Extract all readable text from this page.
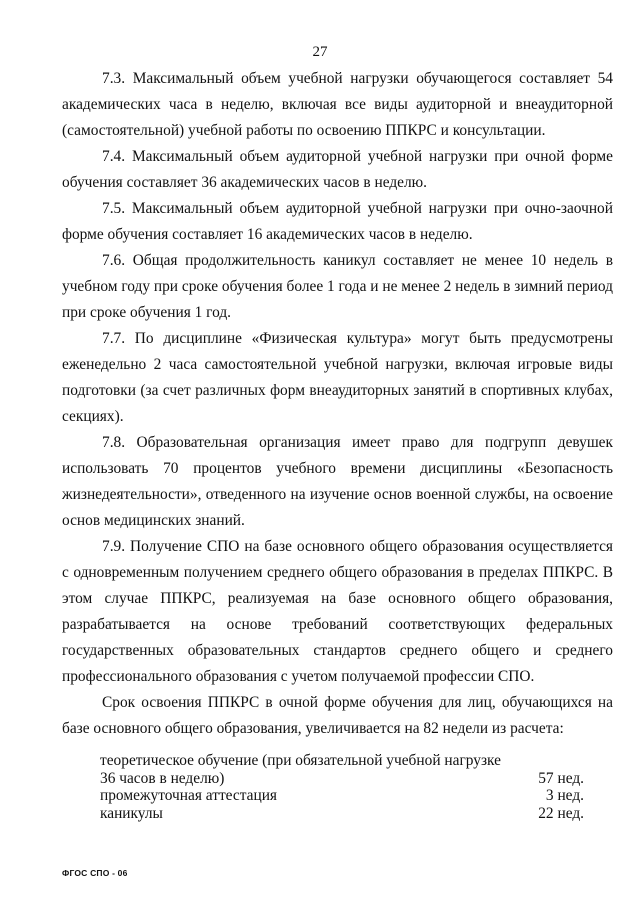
27

7.3. Максимальный объем учебной нагрузки обучающегося составляет 54 академических часа в неделю, включая все виды аудиторной и внеаудиторной (самостоятельной) учебной работы по освоению ППКРС и консультации.

7.4. Максимальный объем аудиторной учебной нагрузки при очной форме обучения составляет 36 академических часов в неделю.

7.5. Максимальный объем аудиторной учебной нагрузки при очно-заочной форме обучения составляет 16 академических часов в неделю.

7.6. Общая продолжительность каникул составляет не менее 10 недель в учебном году при сроке обучения более 1 года и не менее 2 недель в зимний период при сроке обучения 1 год.

7.7. По дисциплине «Физическая культура» могут быть предусмотрены еженедельно 2 часа самостоятельной учебной нагрузки, включая игровые виды подготовки (за счет различных форм внеаудиторных занятий в спортивных клубах, секциях).

7.8. Образовательная организация имеет право для подгрупп девушек использовать 70 процентов учебного времени дисциплины «Безопасность жизнедеятельности», отведенного на изучение основ военной службы, на освоение основ медицинских знаний.

7.9. Получение СПО на базе основного общего образования осуществляется с одновременным получением среднего общего образования в пределах ППКРС. В этом случае ППКРС, реализуемая на базе основного общего образования, разрабатывается на основе требований соответствующих федеральных государственных образовательных стандартов среднего общего и среднего профессионального образования с учетом получаемой профессии СПО.

Срок освоения ППКРС в очной форме обучения для лиц, обучающихся на базе основного общего образования, увеличивается на 82 недели из расчета:

теоретическое обучение (при обязательной учебной нагрузке 36 часов в неделю)	57 нед.
промежуточная аттестация	3 нед.
каникулы	22 нед.
ФГОС СПО - 06
